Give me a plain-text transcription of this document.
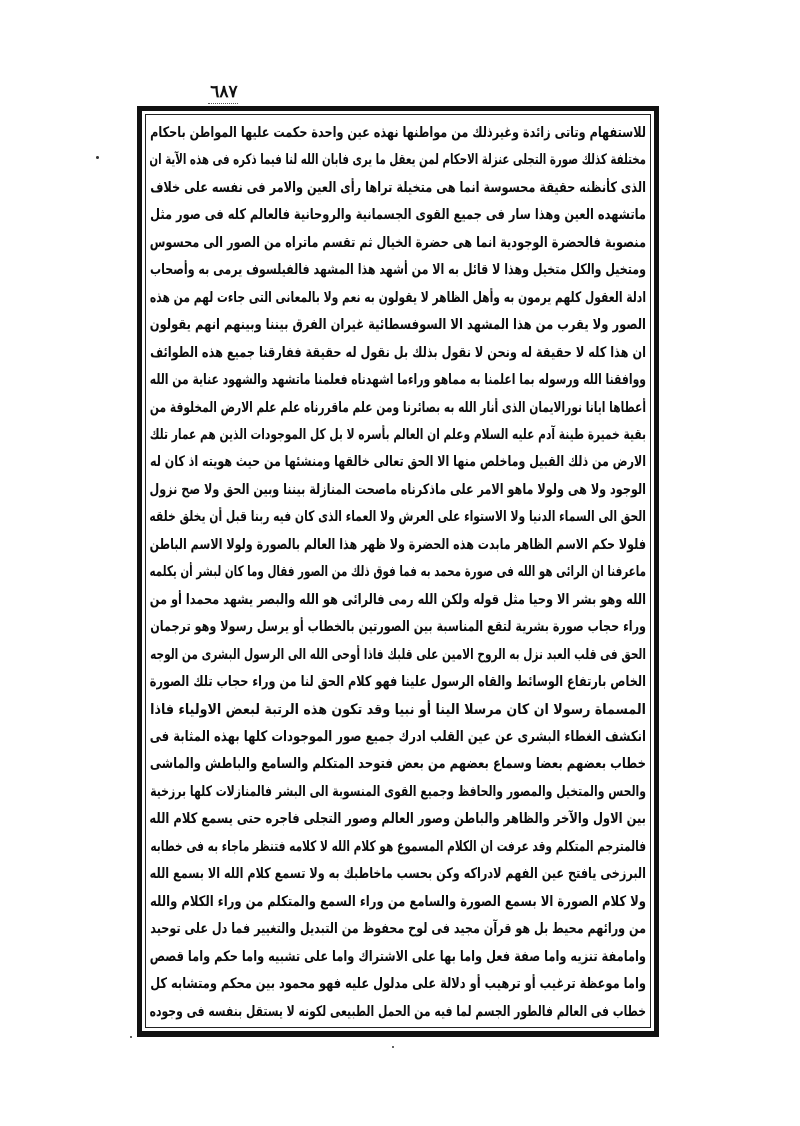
٦٨٧
للاستفهام وتاتى زائدة وغيرذلك من مواطنها نهذه عين واحدة حكمت عليها المواطن باحكام
مختلفة كذلك صورة التجلى عنزلة الاحكام لمن يعقل ما يرى فابان الله لنا فيما ذكره فى هذه الآية ان
الذى كأنظنه حقيقة محسوسة انما هى متخيلة تراها رأى العين والامر فى نفسه على خلاف
ماتشهده العين وهذا سار فى جميع القوى الجسمانية والروحانية فالعالم كله فى صور مثل
منصوبة فالحضرة الوجودية انما هى حضرة الخيال ثم تقسم ماتراه من الصور الى محسوس
ومتخيل والكل متخيل وهذا لا قائل به الا من أشهد هذا المشهد فالفيلسوف يرمى به وأصحاب
ادلة العقول كلهم يرمون به وأهل الظاهر لا يقولون به نعم ولا بالمعانى التى جاءت لهم من هذه
الصور ولا يقرب من هذا المشهد الا السوفسطائية غيران الفرق بيننا وبينهم انهم يقولون
ان هذا كله لا حقيقة له ونحن لا نقول بذلك بل نقول له حقيقة ففارقنا جميع هذه الطوائف
ووافقنا الله ورسوله بما اعلمنا به مماهو وراءما اشهدناه فعلمنا ماتشهد والشهود عناية من الله
أعطاها ايانا نورالايمان الذى أنار الله به بصائرنا ومن علم ماقررناه علم علم الارض المخلوقة من
بقية خميرة طينة آدم عليه السلام وعلم ان العالم بأسره لا بل كل الموجودات الذين هم عمار تلك
الارض من ذلك القبيل وماخلص منها الا الحق تعالى خالقها ومنشئها من حيث هويته اذ كان له
الوجود ولا هى ولولا ماهو الامر على ماذكرناه ماصحت المنازلة بيننا وبين الحق ولا صح نزول
الحق الى السماء الدنيا ولا الاستواء على العرش ولا العماء الذى كان فيه ربنا قبل أن يخلق خلقه
فلولا حكم الاسم الظاهر مابدت هذه الحضرة ولا ظهر هذا العالم بالصورة ولولا الاسم الباطن
ماعرفنا ان الرائى هو الله فى صورة محمد به فما فوق ذلك من الصور فقال وما كان لبشر أن يكلمه
الله وهو بشر الا وحيا مثل قوله ولكن الله رمى فالرائى هو الله والبصر يشهد محمدا أو من
وراء حجاب صورة بشرية لتقع المناسبة بين الصورتين بالخطاب أو يرسل رسولا وهو ترجمان
الحق فى قلب العبد نزل به الروح الامين على قلبك فاذا أوحى الله الى الرسول البشرى من الوجه
الخاص بارتفاع الوسائط والقاه الرسول علينا فهو كلام الحق لنا من وراء حجاب تلك الصورة
المسماة رسولا ان كان مرسلا الينا أو نبيا وقد تكون هذه الرتبة لبعض الاولياء فاذا
انكشف الغطاء البشرى عن عين القلب ادرك جميع صور الموجودات كلها بهذه المثابة فى
خطاب بعضهم بعضا وسماع بعضهم من بعض فتوحد المتكلم والسامع والباطش والماشى
والحس والمتخيل والمصور والحافظ وجميع القوى المنسوبة الى البشر فالمنازلات كلها برزخية
بين الاول والآخر والظاهر والباطن وصور العالم وصور التجلى فاجره حتى يسمع كلام الله
فالمترجم المتكلم وقد عرفت ان الكلام المسموع هو كلام الله لا كلامه فتنظر ماجاء به فى خطابه
البرزخى يافتح عين الفهم لادراكه وكن بحسب ماخاطبك به ولا تسمع كلام الله الا بسمع الله
ولا كلام الصورة الا بسمع الصورة والسامع من وراء السمع والمتكلم من وراء الكلام والله
من ورائهم محيط بل هو قرآن مجيد فى لوح محفوظ من التبديل والتغيير فما دل على توحيد
وامامفة تنزيه واما صفة فعل واما بها على الاشتراك واما على تشبيه واما حكم واما قصص
واما موعظة ترغيب أو ترهيب أو دلالة على مدلول عليه فهو محمود بين محكم ومتشابه كل
خطاب فى العالم فالطور الجسم لما فيه من الحمل الطبيعى لكونه لا يستقل بنفسه فى وجوده
